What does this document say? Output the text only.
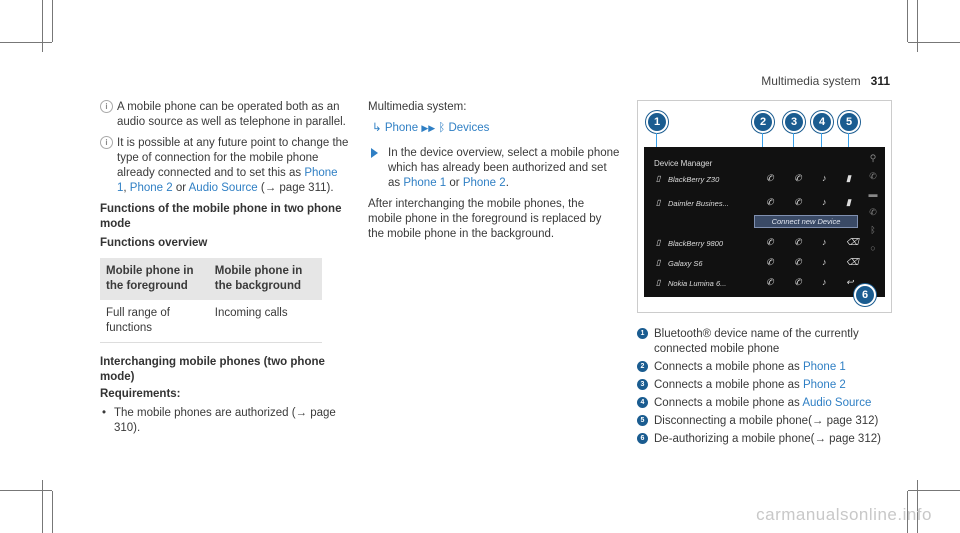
Multimedia system 311
i A mobile phone can be operated both as an audio source as well as telephone in parallel.
i It is possible at any future point to change the type of connection for the mobile phone already connected and to set this as Phone 1, Phone 2 or Audio Source (→ page 311).
Functions of the mobile phone in two phone mode
Functions overview
Mobile phone in the foreground	Mobile phone in the background
Full range of functions	Incoming calls
Interchanging mobile phones (two phone mode)
Requirements:
• The mobile phones are authorized (→ page 310).
Multimedia system:
↳ Phone ▶▶ ᛒ Devices
In the device overview, select a mobile phone which has already been authorized and set as Phone 1 or Phone 2.
After interchanging the mobile phones, the mobile phone in the foreground is replaced by the mobile phone in the background.
1	2	3	4	5
Device Manager
▯ BlackBerry Z30	✆ ✆ ♪ ▮
▯ Daimler Busines...	✆ ✆ ♪ ▮
Connect new Device
▯ BlackBerry 9800	✆ ✆ ♪ ⌫
▯ Galaxy S6	✆ ✆ ♪ ⌫
▯ Nokia Lumina 6...	✆ ✆ ♪ ↩
⚲
✆
▬
✆
ᛒ
○
6
1 Bluetooth® device name of the currently connected mobile phone
2 Connects a mobile phone as Phone 1
3 Connects a mobile phone as Phone 2
4 Connects a mobile phone as Audio Source
5 Disconnecting a mobile phone(→ page 312)
6 De-authorizing a mobile phone(→ page 312)
carmanualsonline.info
